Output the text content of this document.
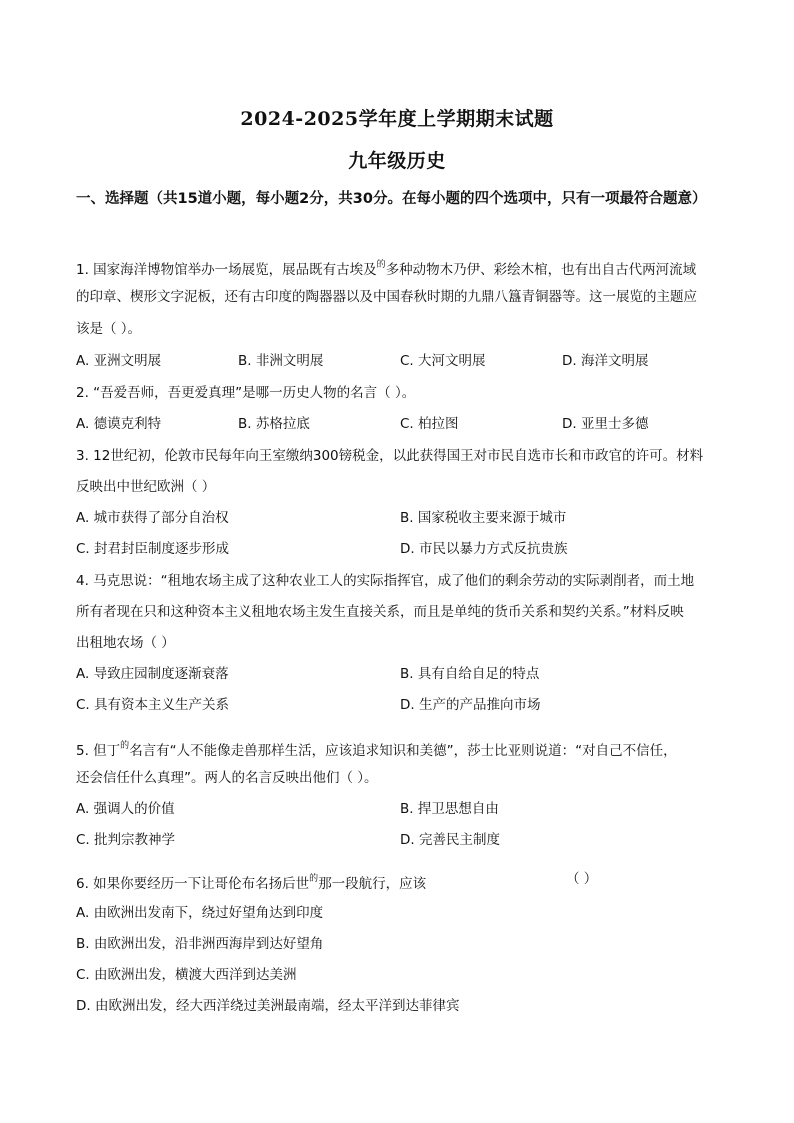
2024-2025学年度上学期期末试题
九年级历史
一、选择题（共15道小题，每小题2分，共30分。在每小题的四个选项中，只有一项最符合题意）
1. 国家海洋博物馆举办一场展览，展品既有古埃及$^的$多种动物木乃伊、彩绘木棺，也有出自古代两河流域
的印章、楔形文字泥板，还有古印度的陶器器以及中国春秋时期的九鼎八簋青铜器等。这一展览的主题应
该是（ ）。
A. 亚洲文明展	B. 非洲文明展	C. 大河文明展	D. 海洋文明展
2. “吾爱吾师，吾更爱真理”是哪一历史人物的名言（ ）。
A. 德谟克利特	B. 苏格拉底	C. 柏拉图	D. 亚里士多德
3. 12世纪初，伦敦市民每年向王室缴纳300镑税金，以此获得国王对市民自选市长和市政官的许可。材料
反映出中世纪欧洲（ ）
A. 城市获得了部分自治权	B. 国家税收主要来源于城市
C. 封君封臣制度逐步形成	D. 市民以暴力方式反抗贵族
4. 马克思说：“租地农场主成了这种农业工人的实际指挥官，成了他们的剩余劳动的实际剥削者，而土地
所有者现在只和这种资本主义租地农场主发生直接关系，而且是单纯的货币关系和契约关系。”材料反映
出租地农场（ ）
A. 导致庄园制度逐渐衰落	B. 具有自给自足的特点
C. 具有资本主义生产关系	D. 生产的产品推向市场
5. 但丁$^的$名言有“人不能像走兽那样生活，应该追求知识和美德”，莎士比亚则说道：“对自己不信任，
还会信任什么真理”。两人的名言反映出他们（ ）。
A. 强调人的价值	B. 捍卫思想自由
C. 批判宗教神学	D. 完善民主制度
6. 如果你要经历一下让哥伦布名扬后世$^的$那一段航行，应该	（ ）
A. 由欧洲出发南下，绕过好望角达到印度
B. 由欧洲出发，沿非洲西海岸到达好望角
C. 由欧洲出发，横渡大西洋到达美洲
D. 由欧洲出发，经大西洋绕过美洲最南端，经太平洋到达菲律宾
